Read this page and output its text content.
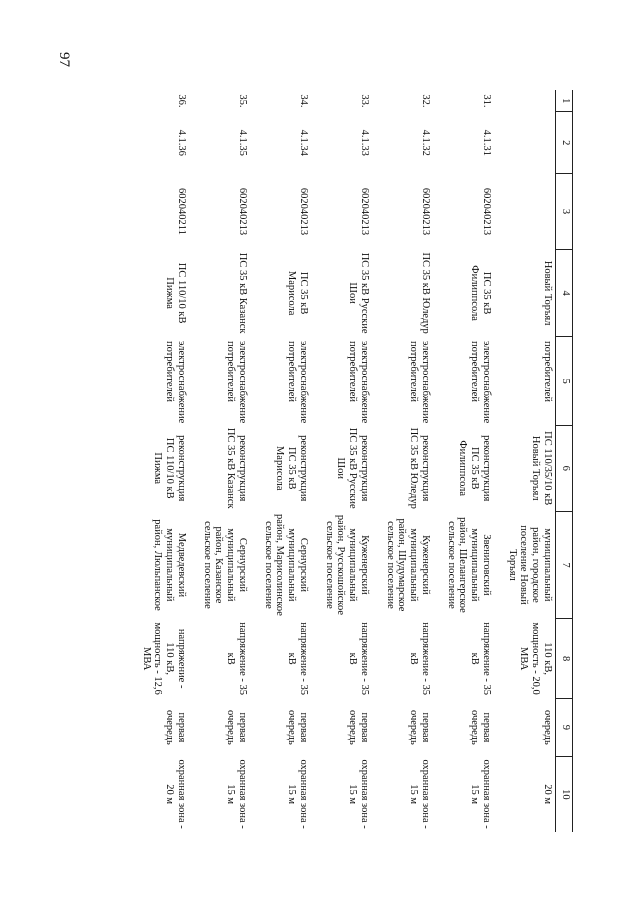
97
1	2	3	4	5	6	7	8	9	10
			Новый Торъял	потребителей	ПС 110/35/10 кВ Новый Торъял	муниципальный район, городское поселение Новый Торъял	110 кВ, мощность - 20,0 МВА	очередь	20 м
31.	4.1.31	602040213	ПС 35 кВ Филиппсола	электроснабжение потребителей	реконструкция ПС 35 кВ Филиппсола	Звениговский муниципальный район, Шелангерское сельское поселение	напряжение - 35 кВ	первая очередь	охранная зона - 15 м
32.	4.1.32	602040213	ПС 35 кВ Юледур	электроснабжение потребителей	реконструкция ПС 35 кВ Юледур	Куженерский муниципальный район, Шудумарское сельское поселение	напряжение - 35 кВ	первая очередь	охранная зона - 15 м
33.	4.1.33	602040213	ПС 35 кВ Русские Шои	электроснабжение потребителей	реконструкция ПС 35 кВ Русские Шои	Куженерский муниципальный район, Русскошойское сельское поселение	напряжение - 35 кВ	первая очередь	охранная зона - 15 м
34.	4.1.34	602040213	ПС 35 кВ Марисола	электроснабжение потребителей	реконструкция ПС 35 кВ Марисола	Сернурский муниципальный район, Марисолинское сельское поселение	напряжение - 35 кВ	первая очередь	охранная зона - 15 м
35.	4.1.35	602040213	ПС 35 кВ Казанск	электроснабжение потребителей	реконструкция ПС 35 кВ Казанск	Сернурский муниципальный район, Казанское сельское поселение	напряжение - 35 кВ	первая очередь	охранная зона - 15 м
36.	4.1.36	602040211	ПС 110/10 кВ Пижма	электроснабжение потребителей	реконструкция ПС 110/10 кВ Пижма	Медведевский муниципальный район, Люльпанское	напряжение - 110 кВ, мощность - 12,6 МВА	первая очередь	охранная зона - 20 м
